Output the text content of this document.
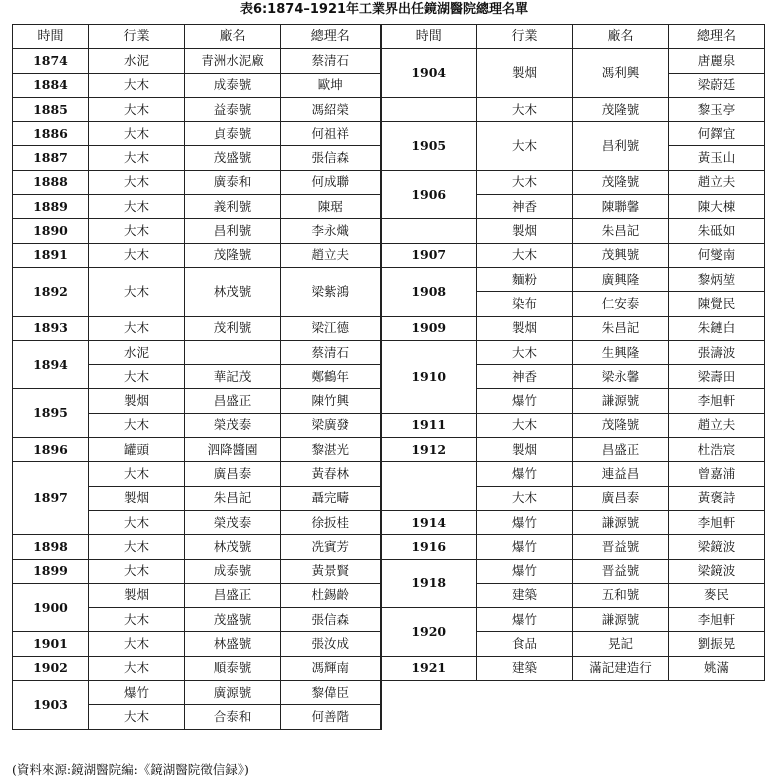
表6:1874–1921年工業界出任鏡湖醫院總理名單
時間	行業	廠名	總理名	時間	行業	廠名	總理名
1874	水泥	青洲水泥廠	蔡清石	1904	製烟	馮利興	唐麗泉
1884	大木	成泰號	歐坤				梁蔚廷
1885	大木	益泰號	馮紹榮		大木	茂隆號	黎玉亭
1886	大木	貞泰號	何祖祥	1905	大木	昌利號	何鐸宜
1887	大木	茂盛號	張信森				黃玉山
1888	大木	廣泰和	何成聯	1906	大木	茂隆號	趙立夫
1889	大木	義利號	陳琚		神香	陳聯馨	陳大棟
1890	大木	昌利號	李永熾		製烟	朱昌記	朱砥如
1891	大木	茂隆號	趙立夫	1907	大木	茂興號	何燮南
1892	大木	林茂號	梁紫鴻	1908	麵粉	廣興隆	黎炳堃
					染布	仁安泰	陳覺民
1893	大木	茂利號	梁江德	1909	製烟	朱昌記	朱鏈白
1894	水泥		蔡清石	1910	大木	生興隆	張濤波
	大木	華記茂	鄭鶴年		神香	梁永馨	梁壽田
1895	製烟	昌盛正	陳竹興		爆竹	謙源號	李旭軒
	大木	榮茂泰	梁廣發	1911	大木	茂隆號	趙立夫
1896	罐頭	泗降醬園	黎湛光	1912	製烟	昌盛正	杜浩宸
1897	大木	廣昌泰	黃春林		爆竹	連益昌	曾嘉浦
	製烟	朱昌記	聶完疇		大木	廣昌泰	黃褒詩
	大木	榮茂泰	徐扳桂	1914	爆竹	謙源號	李旭軒
1898	大木	林茂號	冼賓芳	1916	爆竹	晋益號	梁鏡波
1899	大木	成泰號	黃景賢	1918	爆竹	晋益號	梁鏡波
1900	製烟	昌盛正	杜錫齡		建築	五和號	麥民
	大木	茂盛號	張信森	1920	爆竹	謙源號	李旭軒
1901	大木	林盛號	張汝成		食品	晃記	劉振晃
1902	大木	順泰號	馮輝南	1921	建築	滿記建造行	姚滿
1903	爆竹	廣源號	黎偉臣				
	大木	合泰和	何善階				
(資料來源:鏡湖醫院編:《鏡湖醫院徵信録》)
